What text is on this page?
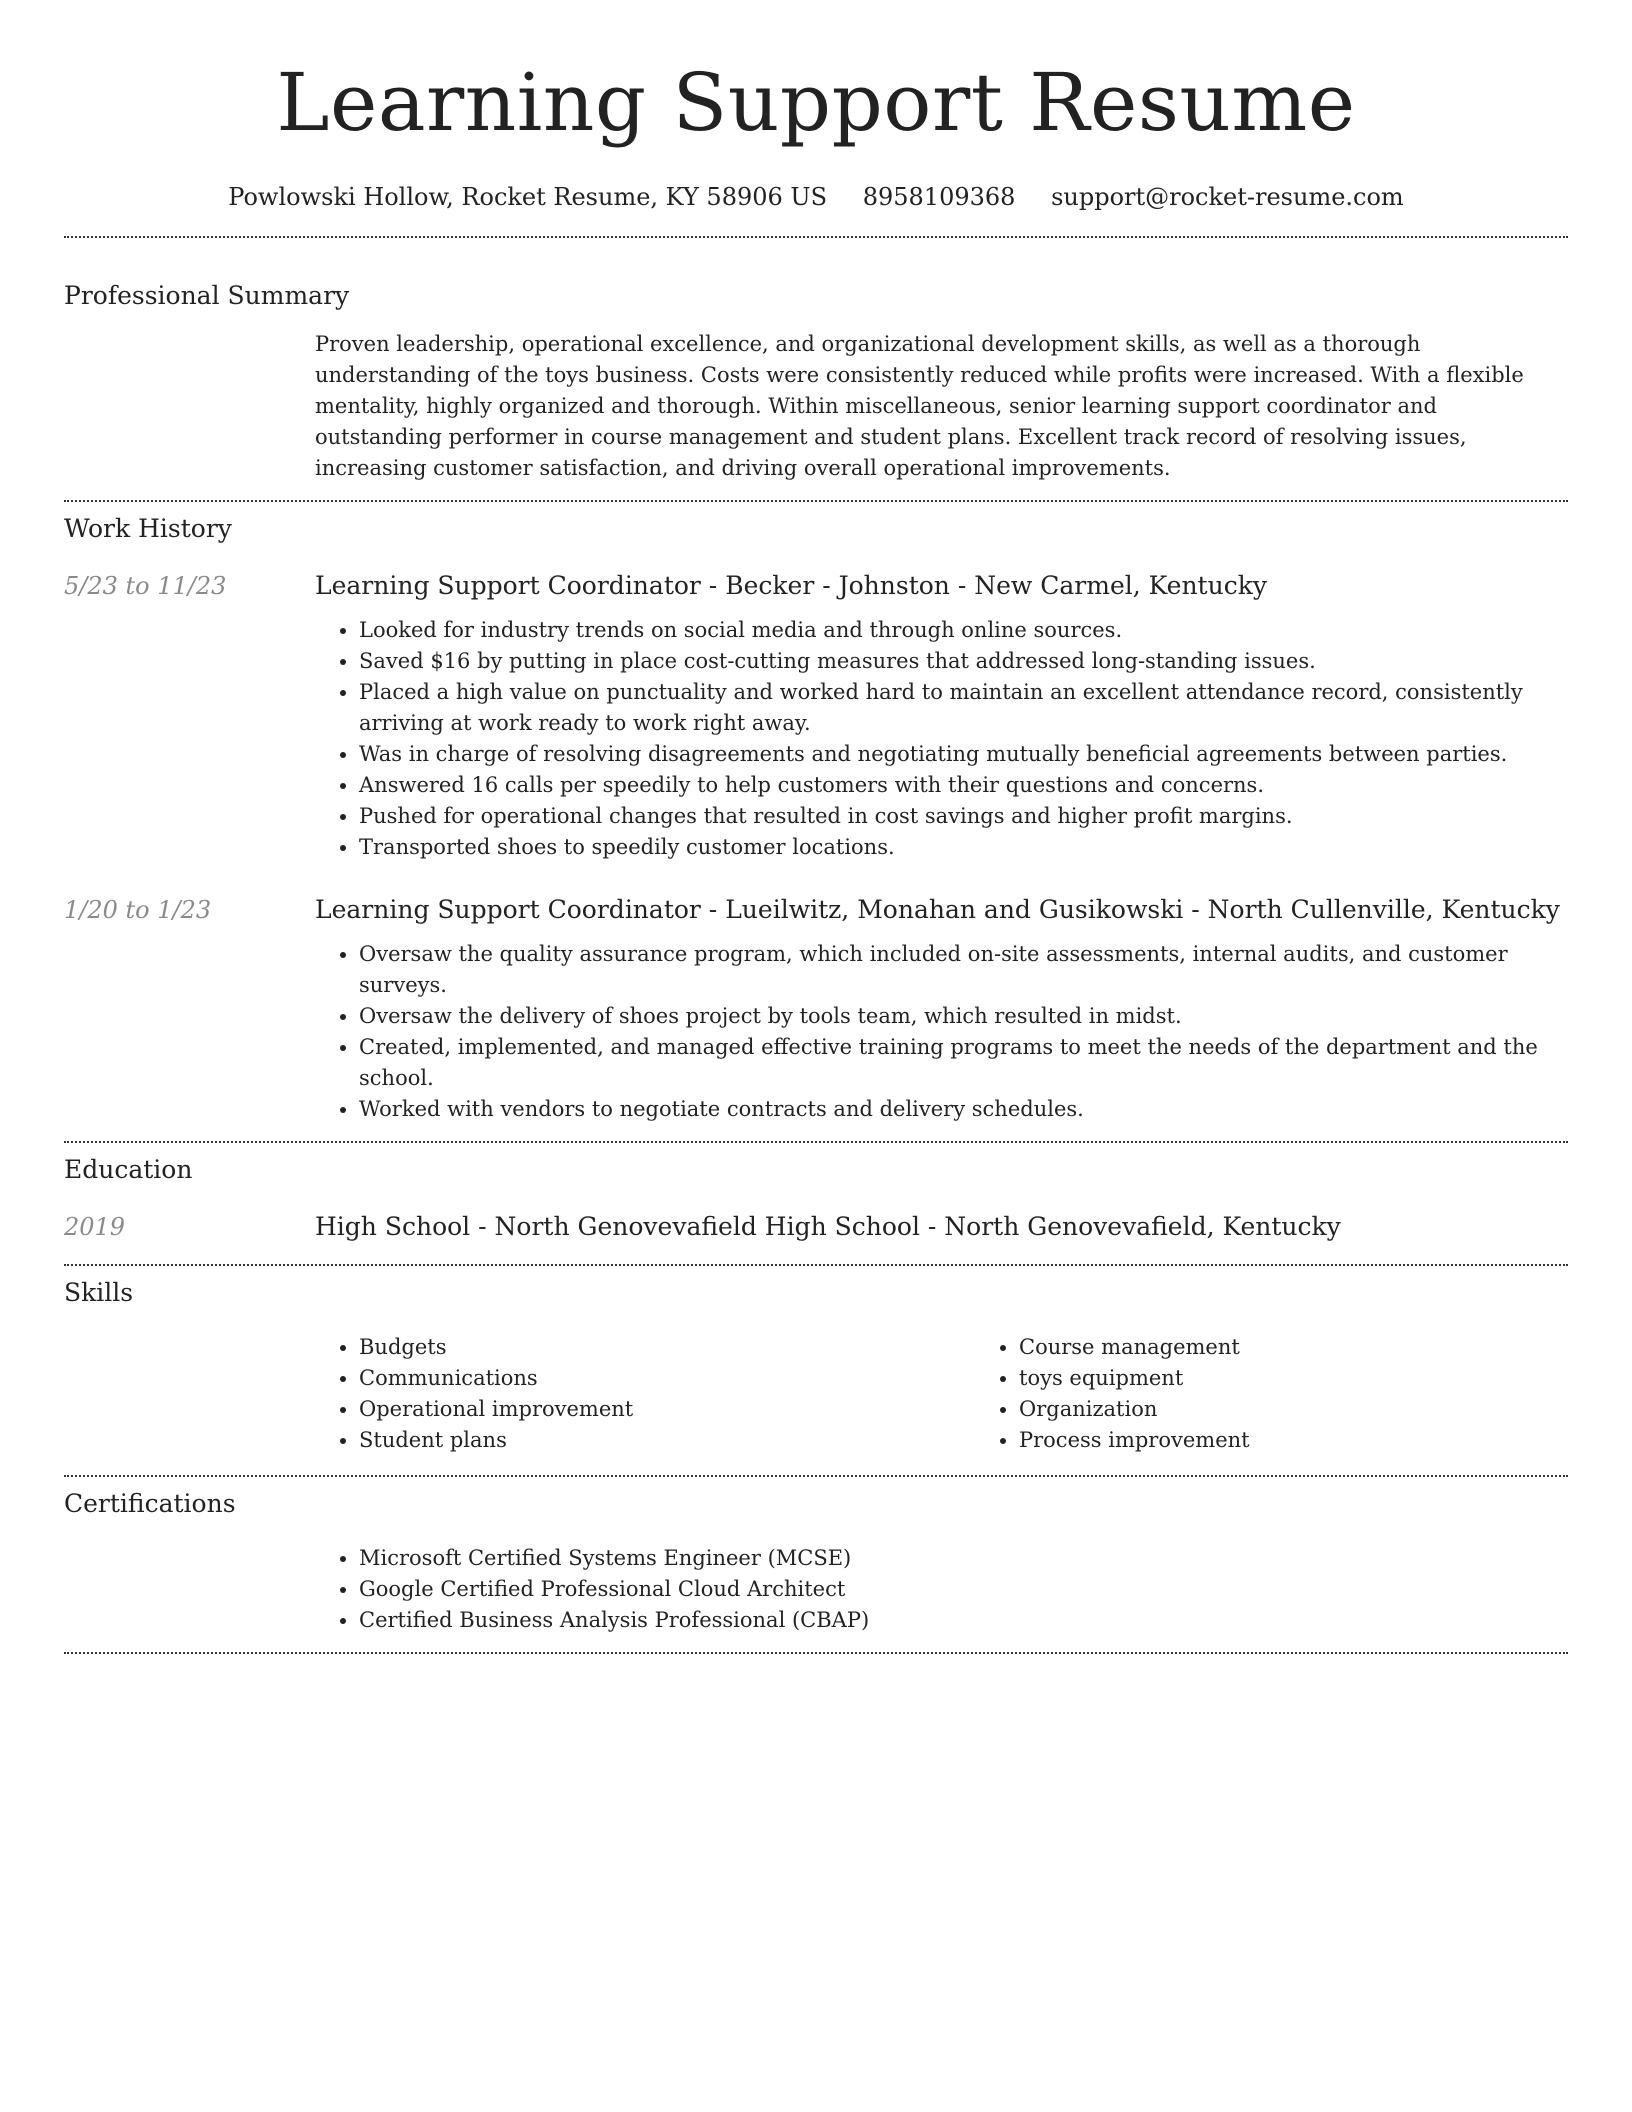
Learning Support Resume
Powlowski Hollow, Rocket Resume, KY 58906 US 8958109368 support@rocket-resume.com
Professional Summary

Proven leadership, operational excellence, and organizational development skills, as well as a thorough understanding of the toys business. Costs were consistently reduced while profits were increased. With a flexible mentality, highly organized and thorough. Within miscellaneous, senior learning support coordinator and outstanding performer in course management and student plans. Excellent track record of resolving issues, increasing customer satisfaction, and driving overall operational improvements.

Work History
5/23 to 11/23	Learning Support Coordinator - Becker - Johnston - New Carmel, Kentucky
• Looked for industry trends on social media and through online sources.
• Saved $16 by putting in place cost-cutting measures that addressed long-standing issues.
• Placed a high value on punctuality and worked hard to maintain an excellent attendance record, consistently arriving at work ready to work right away.
• Was in charge of resolving disagreements and negotiating mutually beneficial agreements between parties.
• Answered 16 calls per speedily to help customers with their questions and concerns.
• Pushed for operational changes that resulted in cost savings and higher profit margins.
• Transported shoes to speedily customer locations.
1/20 to 1/23	Learning Support Coordinator - Lueilwitz, Monahan and Gusikowski - North Cullenville, Kentucky
• Oversaw the quality assurance program, which included on-site assessments, internal audits, and customer surveys.
• Oversaw the delivery of shoes project by tools team, which resulted in midst.
• Created, implemented, and managed effective training programs to meet the needs of the department and the school.
• Worked with vendors to negotiate contracts and delivery schedules.
Education
2019	High School - North Genovevafield High School - North Genovevafield, Kentucky
Skills
• Budgets
• Communications
• Operational improvement
• Student plans
• Course management
• toys equipment
• Organization
• Process improvement
Certifications
• Microsoft Certified Systems Engineer (MCSE)
• Google Certified Professional Cloud Architect
• Certified Business Analysis Professional (CBAP)
